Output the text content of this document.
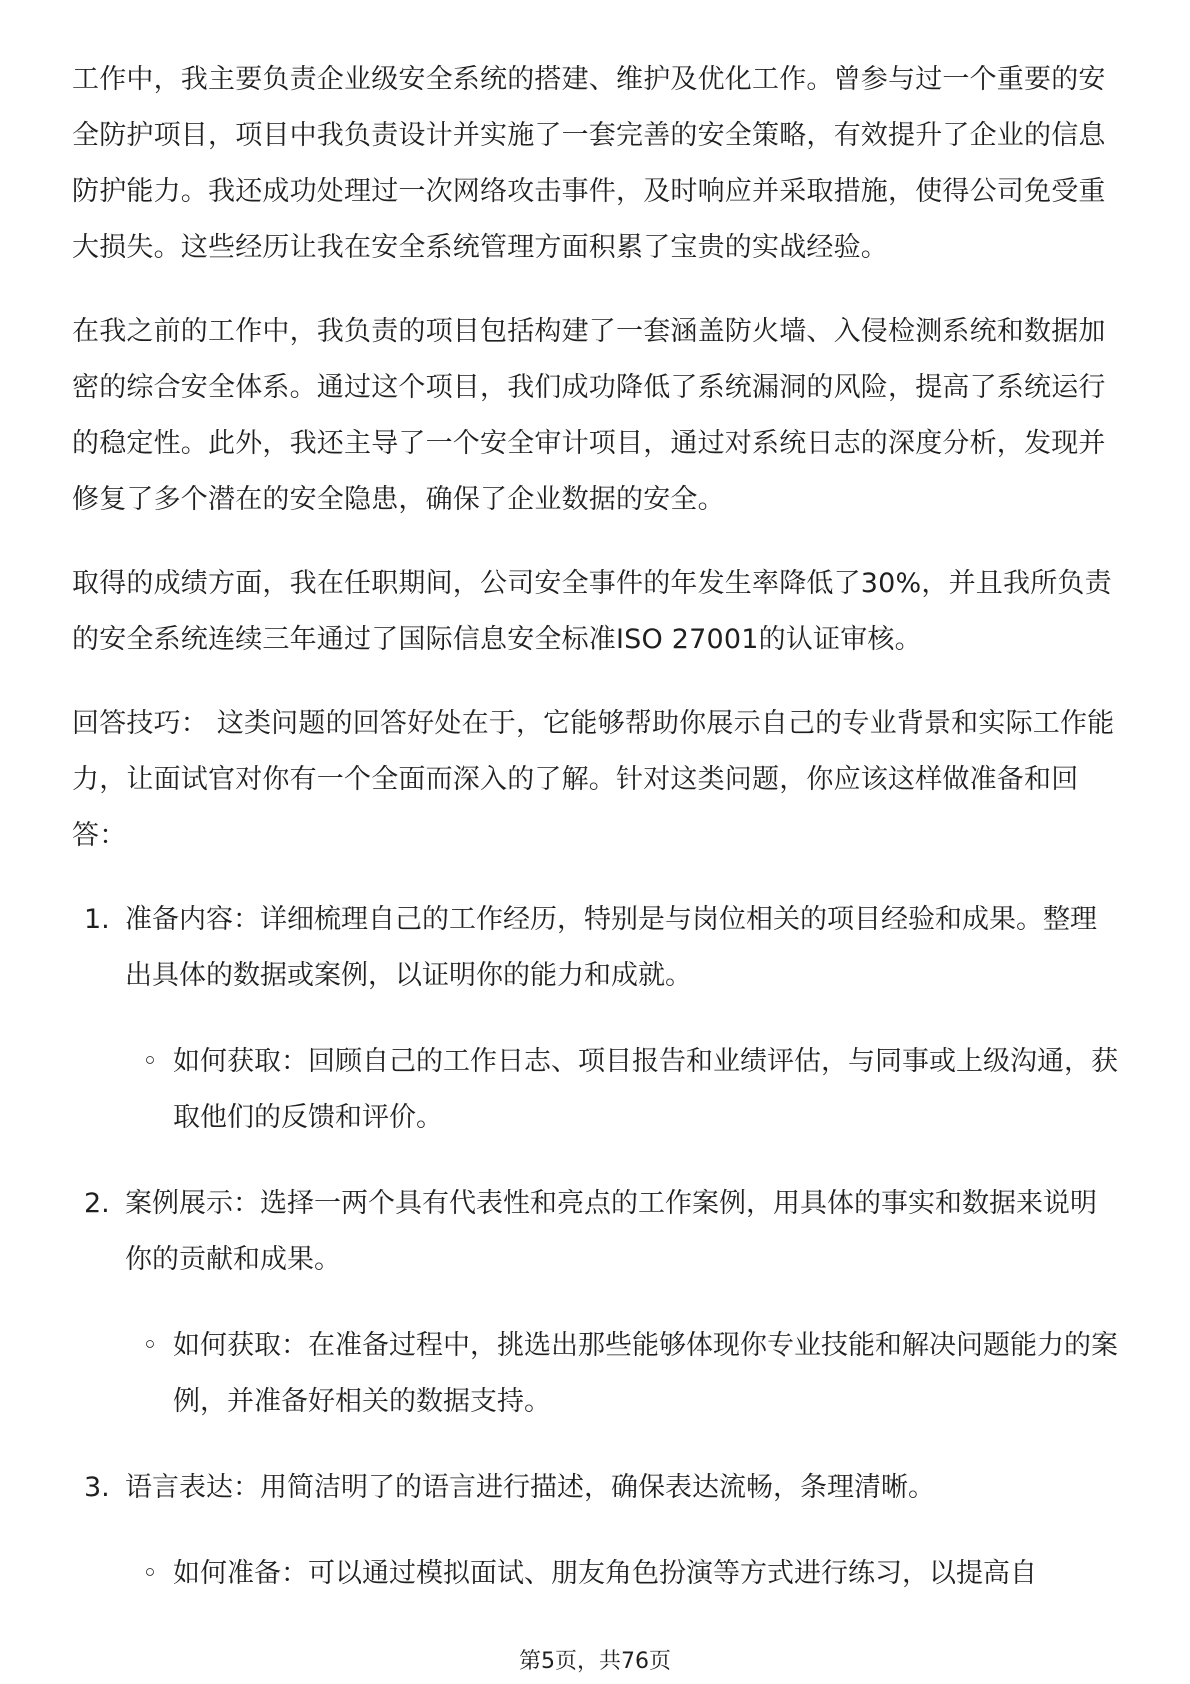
工作中，我主要负责企业级安全系统的搭建、维护及优化工作。曾参与过一个重要的安全防护项目，项目中我负责设计并实施了一套完善的安全策略，有效提升了企业的信息防护能力。我还成功处理过一次网络攻击事件，及时响应并采取措施，使得公司免受重大损失。这些经历让我在安全系统管理方面积累了宝贵的实战经验。

在我之前的工作中，我负责的项目包括构建了一套涵盖防火墙、入侵检测系统和数据加密的综合安全体系。通过这个项目，我们成功降低了系统漏洞的风险，提高了系统运行的稳定性。此外，我还主导了一个安全审计项目，通过对系统日志的深度分析，发现并修复了多个潜在的安全隐患，确保了企业数据的安全。

取得的成绩方面，我在任职期间，公司安全事件的年发生率降低了30%，并且我所负责的安全系统连续三年通过了国际信息安全标准ISO 27001的认证审核。

回答技巧： 这类问题的回答好处在于，它能够帮助你展示自己的专业背景和实际工作能力，让面试官对你有一个全面而深入的了解。针对这类问题，你应该这样做准备和回答：

1. 准备内容：详细梳理自己的工作经历，特别是与岗位相关的项目经验和成果。整理出具体的数据或案例，以证明你的能力和成就。
◦ 如何获取：回顾自己的工作日志、项目报告和业绩评估，与同事或上级沟通，获取他们的反馈和评价。
2. 案例展示：选择一两个具有代表性和亮点的工作案例，用具体的事实和数据来说明你的贡献和成果。
◦ 如何获取：在准备过程中，挑选出那些能够体现你专业技能和解决问题能力的案例，并准备好相关的数据支持。
3. 语言表达：用简洁明了的语言进行描述，确保表达流畅，条理清晰。
◦ 如何准备：可以通过模拟面试、朋友角色扮演等方式进行练习，以提高自
第5页，共76页
